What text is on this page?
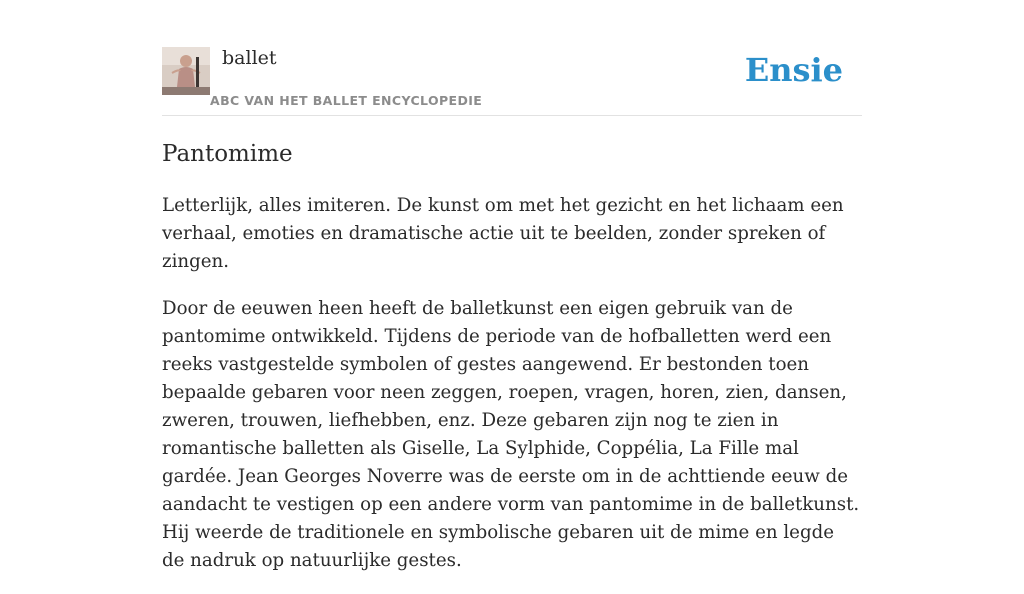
ballet
ABC VAN HET BALLET ENCYCLOPEDIE
Ensie
Pantomime

Letterlijk, alles imiteren. De kunst om met het gezicht en het lichaam een verhaal, emoties en dramatische actie uit te beelden, zonder spreken of zingen.

Door de eeuwen heen heeft de balletkunst een eigen gebruik van de pantomime ontwikkeld. Tijdens de periode van de hofballetten werd een reeks vastgestelde symbolen of gestes aangewend. Er bestonden toen bepaalde gebaren voor neen zeggen, roepen, vragen, horen, zien, dansen, zweren, trouwen, liefhebben, enz. Deze gebaren zijn nog te zien in romantische balletten als Giselle, La Sylphide, Coppélia, La Fille mal gardée. Jean Georges Noverre was de eerste om in de achttiende eeuw de aandacht te vestigen op een andere vorm van pantomime in de balletkunst. Hij weerde de traditionele en symbolische gebaren uit de mime en legde de nadruk op natuurlijke gestes.
